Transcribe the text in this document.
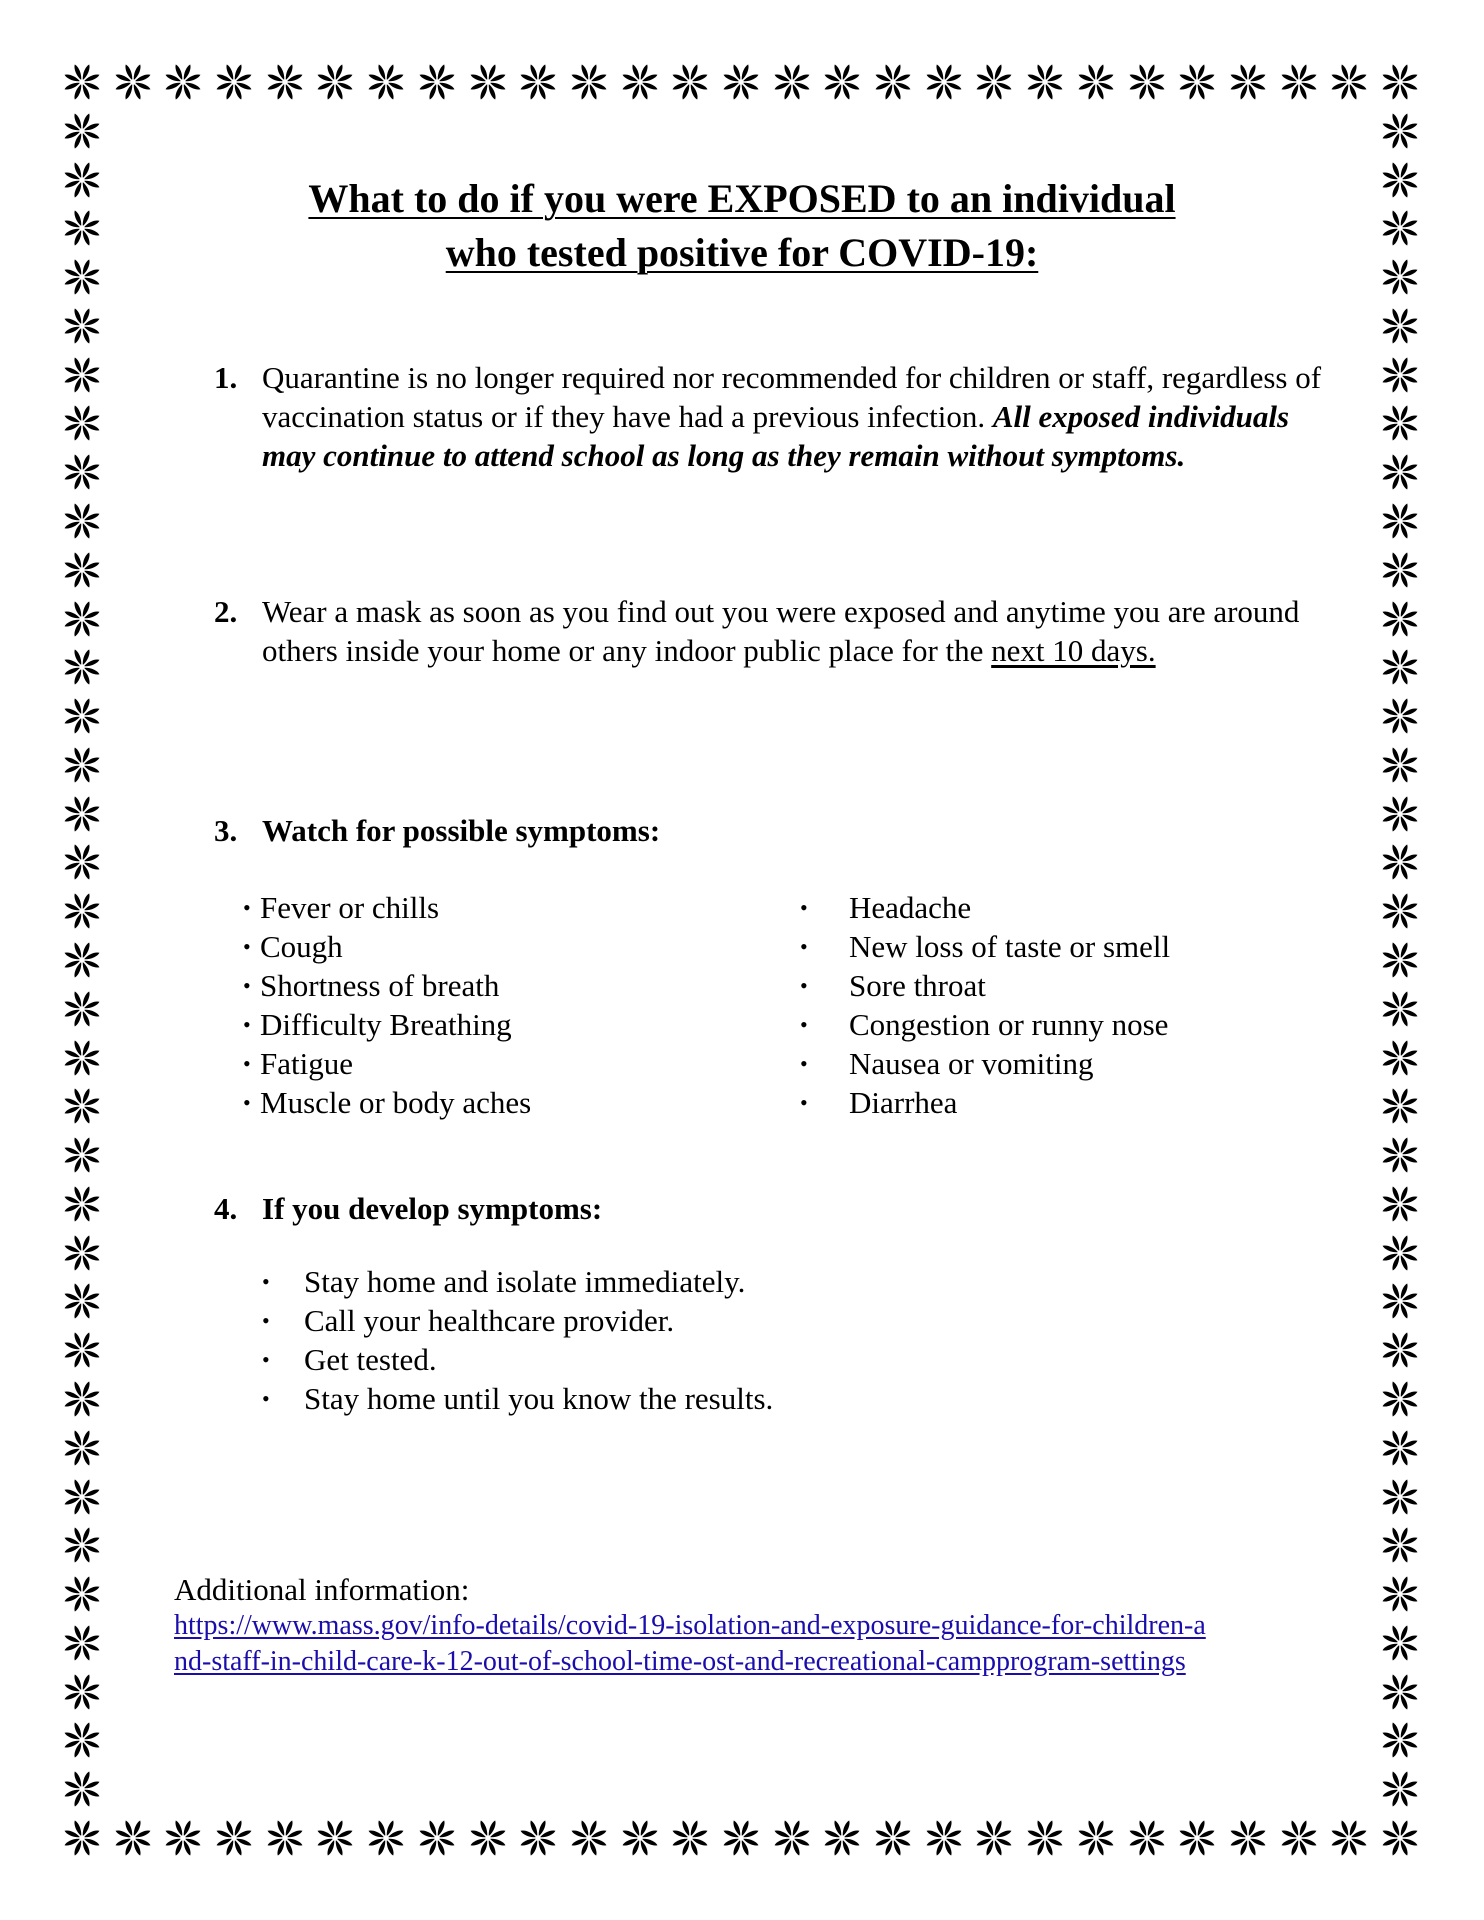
What to do if you were EXPOSED to an individual
who tested positive for COVID-19:
1. Quarantine is no longer required nor recommended for children or staff, regardless of vaccination status or if they have had a previous infection. All exposed individuals may continue to attend school as long as they remain without symptoms.
2. Wear a mask as soon as you find out you were exposed and anytime you are around others inside your home or any indoor public place for the next 10 days.
3. Watch for possible symptoms:
• Fever or chills
• Cough
• Shortness of breath
• Difficulty Breathing
• Fatigue
• Muscle or body aches
• Headache
• New loss of taste or smell
• Sore throat
• Congestion or runny nose
• Nausea or vomiting
• Diarrhea
4. If you develop symptoms:
• Stay home and isolate immediately.
• Call your healthcare provider.
• Get tested.
• Stay home until you know the results.
Additional information:
https://www.mass.gov/info-details/covid-19-isolation-and-exposure-guidance-for-children-and-staff-in-child-care-k-12-out-of-school-time-ost-and-recreational-campprogram-settings
